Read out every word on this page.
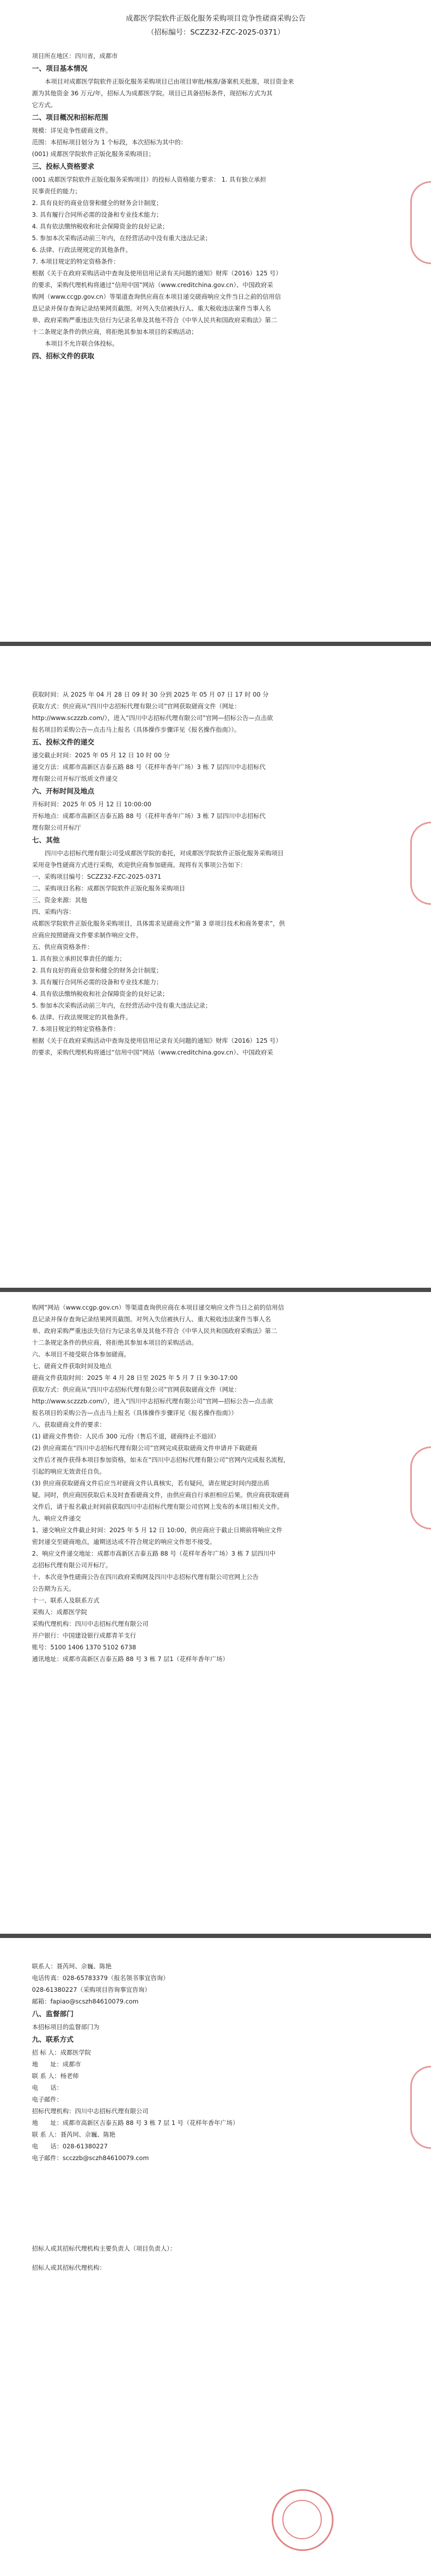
成都医学院软件正版化服务采购项目竞争性磋商采购公告
（招标编号：SCZZ32-FZC-2025-0371）
项目所在地区：四川省，成都市
一、项目基本情况
本项目对成都医学院软件正版化服务采购项目已由项目审批/核准/备案机关批准，项目资金来
源为其他资金 36 万元/年，招标人为成都医学院。项目已具备招标条件，现招标方式为其
它方式。
二、项目概况和招标范围
规模：详见竞争性磋商文件。
范围：本招标项目划分为 1 个标段，本次招标为其中的：
(001) 成都医学院软件正版化服务采购项目；
三、投标人资格要求
(001 成都医学院软件正版化服务采购项目）的投标人资格能力要求： 1. 具有独立承担
民事责任的能力；
2. 具有良好的商业信誉和健全的财务会计制度；
3. 具有履行合同所必需的设备和专业技术能力；
4. 具有依法缴纳税收和社会保障资金的良好记录；
5. 参加本次采购活动前三年内，在经营活动中没有重大违法记录；
6. 法律、行政法规规定的其他条件。
7. 本项目规定的特定资格条件：
根据《关于在政府采购活动中查询及使用信用记录有关问题的通知》财库（2016）125 号）
的要求，采购代理机构将通过“信用中国”网站（www.creditchina.gov.cn）、中国政府采
购网（www.ccgp.gov.cn）等渠道查询供应商在本项目递交磋商响应文件当日之前的信用信
息记录并保存查询记录结果网页截图。对列入失信被执行人、重大税收违法案件当事人名
单、政府采购严重违法失信行为记录名单及其他不符合《中华人民共和国政府采购法》第二
十二条规定条件的供应商，将拒绝其参加本项目的采购活动；
本项目不允许联合体投标。
四、招标文件的获取
获取时间：从 2025 年 04 月 28 日 09 时 30 分到 2025 年 05 月 07 日 17 时 00 分
获取方式：供应商从“四川中志招标代理有限公司”官网获取磋商文件（网址：
http://www.sczzzb.com/），进入“四川中志招标代理有限公司”官网—招标公告—点击欲
报名项目的采购公告—点击马上报名（具体操作步骤详见《报名操作指南》）。
五、投标文件的递交
递交截止时间：2025 年 05 月 12 日 10 时 00 分
递交方法：成都市高新区吉泰五路 88 号（花样年香年广场）3 栋 7 层四川中志招标代
理有限公司开标厅纸质文件递交
六、开标时间及地点
开标时间：2025 年 05 月 12 日 10:00:00
开标地点：成都市高新区吉泰五路 88 号（花样年香年广场）3 栋 7 层四川中志招标代
理有限公司开标厅
七、其他
四川中志招标代理有限公司受成都医学院的委托，对成都医学院软件正版化服务采购项目
采用竞争性磋商方式进行采购，欢迎供应商参加磋商。现将有关事项公告如下：
一、采购项目编号：SCZZ32-FZC-2025-0371
二、采购项目名称：成都医学院软件正版化服务采购项目
三、资金来源：其他
四、采购内容：
成都医学院软件正版化服务采购项目，具体需求见磋商文件“第 3 章项目技术和商务要求”，供
应商应按照磋商文件要求制作响应文件。
五、供应商资格条件：
1. 具有独立承担民事责任的能力；
2. 具有良好的商业信誉和健全的财务会计制度；
3. 具有履行合同所必需的设备和专业技术能力；
4. 具有依法缴纳税收和社会保障资金的良好记录；
5. 参加本次采购活动前三年内，在经营活动中没有重大违法记录；
6. 法律、行政法规规定的其他条件。
7. 本项目规定的特定资格条件：
根据《关于在政府采购活动中查询及使用信用记录有关问题的通知》财库（2016）125 号）
的要求，采购代理机构将通过“信用中国”网站（www.creditchina.gov.cn）、中国政府采
购网”网站（www.ccgp.gov.cn）等渠道查询供应商在本项目递交响应文件当日之前的信用信
息记录并保存查询记录结果网页截图。对列入失信被执行人、重大税收违法案件当事人名
单、政府采购严重违法失信行为记录名单及其他不符合《中华人民共和国政府采购法》第二
十二条规定条件的供应商，将拒绝其参加本项目的采购活动。
六、本项目不接受联合体参加磋商。
七、磋商文件获取时间及地点
磋商文件获取时间：2025 年 4 月 28 日至 2025 年 5 月 7 日 9:30-17:00
获取方式：供应商从“四川中志招标代理有限公司”官网获取磋商文件（网址：
http://www.sczzzb.com/），进入“四川中志招标代理有限公司”官网—招标公告—点击欲
报名项目的采购公告—点击马上报名（具体操作步骤详见《报名操作指南》）
八、获取磋商文件的要求：
(1) 磋商文件售价：人民币 300 元/份（售后不退，磋商终止不退回）
(2) 供应商需在“四川中志招标代理有限公司”官网完成获取磋商文件申请并下载磋商
文件后才视作获得本项目参加资格，如未在“四川中志招标代理有限公司”官网内完成报名流程，
引起的响应无效责任自负。
(3) 供应商获取磋商文件后应当对磋商文件认真核实，若有疑问，请在规定时间内提出质
疑。同时，供应商因获取后未及时查看磋商文件，由供应商自行承担相应后果。供应商获取磋商
文件后，请于报名截止时间前获取四川中志招标代理有限公司官网上发布的本项目相关文件。
九、响应文件递交
1、递交响应文件截止时间：2025 年 5 月 12 日 10:00，供应商应于截止日期前将响应文件
密封递交至磋商地点，逾期送达或不符合规定的响应文件恕不接受。
2、响应文件递交地址：成都市高新区吉泰五路 88 号（花样年香年广场）3 栋 7 层四川中
志招标代理有限公司开标厅。
十、本次竞争性磋商公告在四川政府采购网及四川中志招标代理有限公司官网上公告
公告期为五天。
十一、联系人及联系方式
采购人：成都医学院
采购代理机构：四川中志招标代理有限公司
开户银行：中国建设银行成都青羊支行
账号：5100 1406 1370 5102 6738
通讯地址：成都市高新区吉泰五路 88 号 3 栋 7 层1（花样年香年广场）
联系人：聂芮珂、佘巍、陈艳
电话传真：028-65783379（报名领书事宜咨询）
028-61380227（采购项目咨询事宜咨询）
邮箱：fapiao@scszh84610079.com
八、监督部门
本招标项目的监督部门为
九、联系方式
招 标 人：成都医学院
地　　址：成都市
联 系 人：杨老师
电　　话：
电子邮件：
招标代理机构：四川中志招标代理有限公司
地　　址：成都市高新区吉泰五路 88 号 3 栋 7 层 1 号（花样年香年广场）
联 系 人：聂芮珂、佘巍、陈艳
电　　话：028-61380227
电子邮件：scczzb@sczh84610079.com
招标人或其招标代理机构主要负责人（项目负责人）：
招标人或其招标代理机构：
